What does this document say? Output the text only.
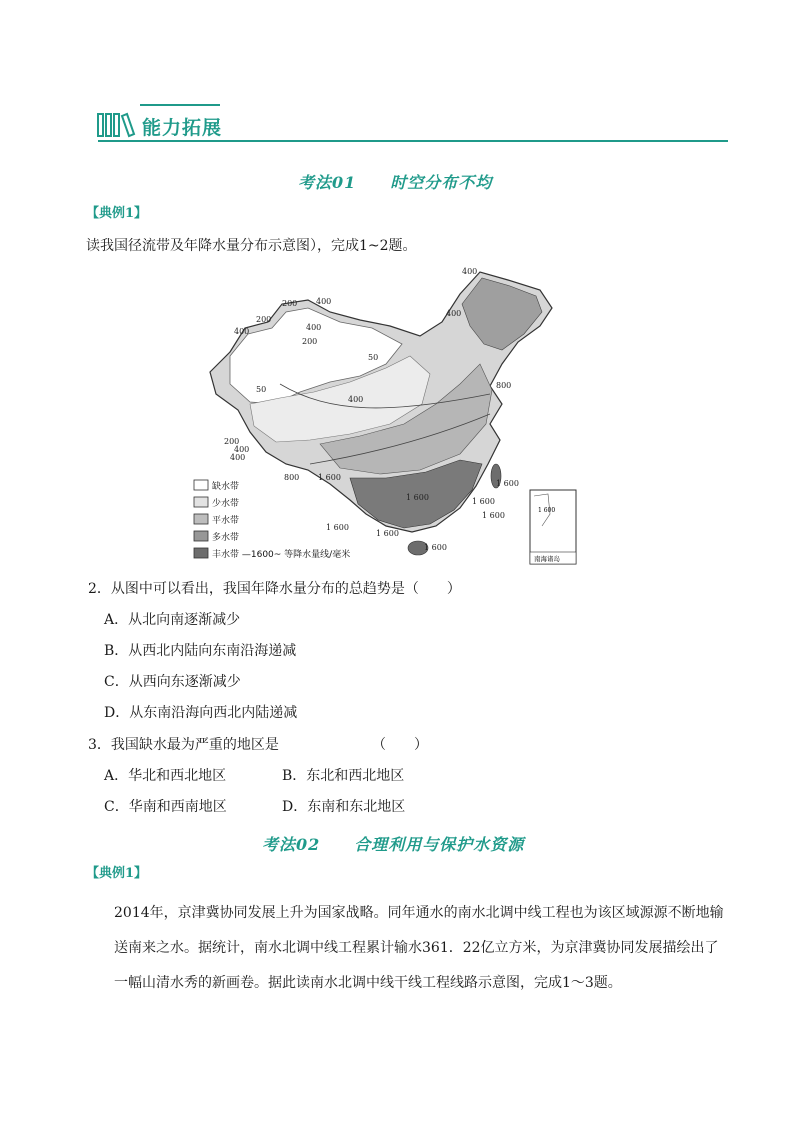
能力拓展
考法01　　时空分布不均
【典例1】
读我国径流带及年降水量分布示意图），完成1~2题。
400
400
200 400
400
200
400
200
50
50
400
800
400
200
400
800 1 600
1 600
1 600	1 600
1 600
1 600
1 600
1 600
1 600
南海诸岛
缺水带
少水带
平水带
多水带
丰水带 —1600~ 等降水量线/毫米
2．从图中可以看出，我国年降水量分布的总趋势是（　　）
A．从北向南逐渐减少
B．从西北内陆向东南沿海递减
C．从西向东逐渐减少
D．从东南沿海向西北内陆递减
3．我国缺水最为严重的地区是	（　　）
A．华北和西北地区	B．东北和西北地区
C．华南和西南地区	D．东南和东北地区
考法02　　合理利用与保护水资源
【典例1】
2014年，京津冀协同发展上升为国家战略。同年通水的南水北调中线工程也为该区域源源不断地输
送南来之水。据统计，南水北调中线工程累计输水361．22亿立方米，为京津冀协同发展描绘出了
一幅山清水秀的新画卷。据此读南水北调中线干线工程线路示意图，完成1～3题。
